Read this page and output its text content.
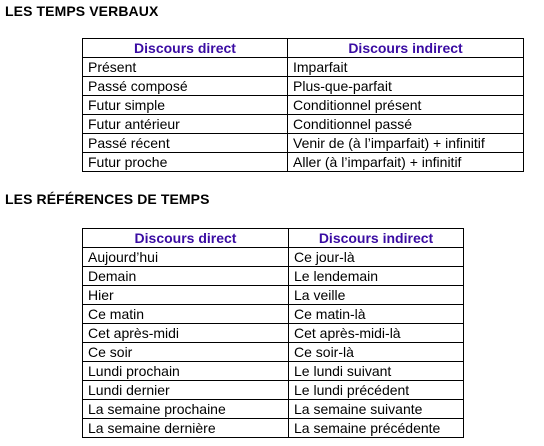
LES TEMPS VERBAUX
Discours direct	Discours indirect
Présent	Imparfait
Passé composé	Plus-que-parfait
Futur simple	Conditionnel présent
Futur antérieur	Conditionnel passé
Passé récent	Venir de (à l’imparfait) + infinitif
Futur proche	Aller (à l’imparfait) + infinitif
LES RÉFÉRENCES DE TEMPS
Discours direct	Discours indirect
Aujourd’hui	Ce jour-là
Demain	Le lendemain
Hier	La veille
Ce matin	Ce matin-là
Cet après-midi	Cet après-midi-là
Ce soir	Ce soir-là
Lundi prochain	Le lundi suivant
Lundi dernier	Le lundi précédent
La semaine prochaine	La semaine suivante
La semaine dernière	La semaine précédente
